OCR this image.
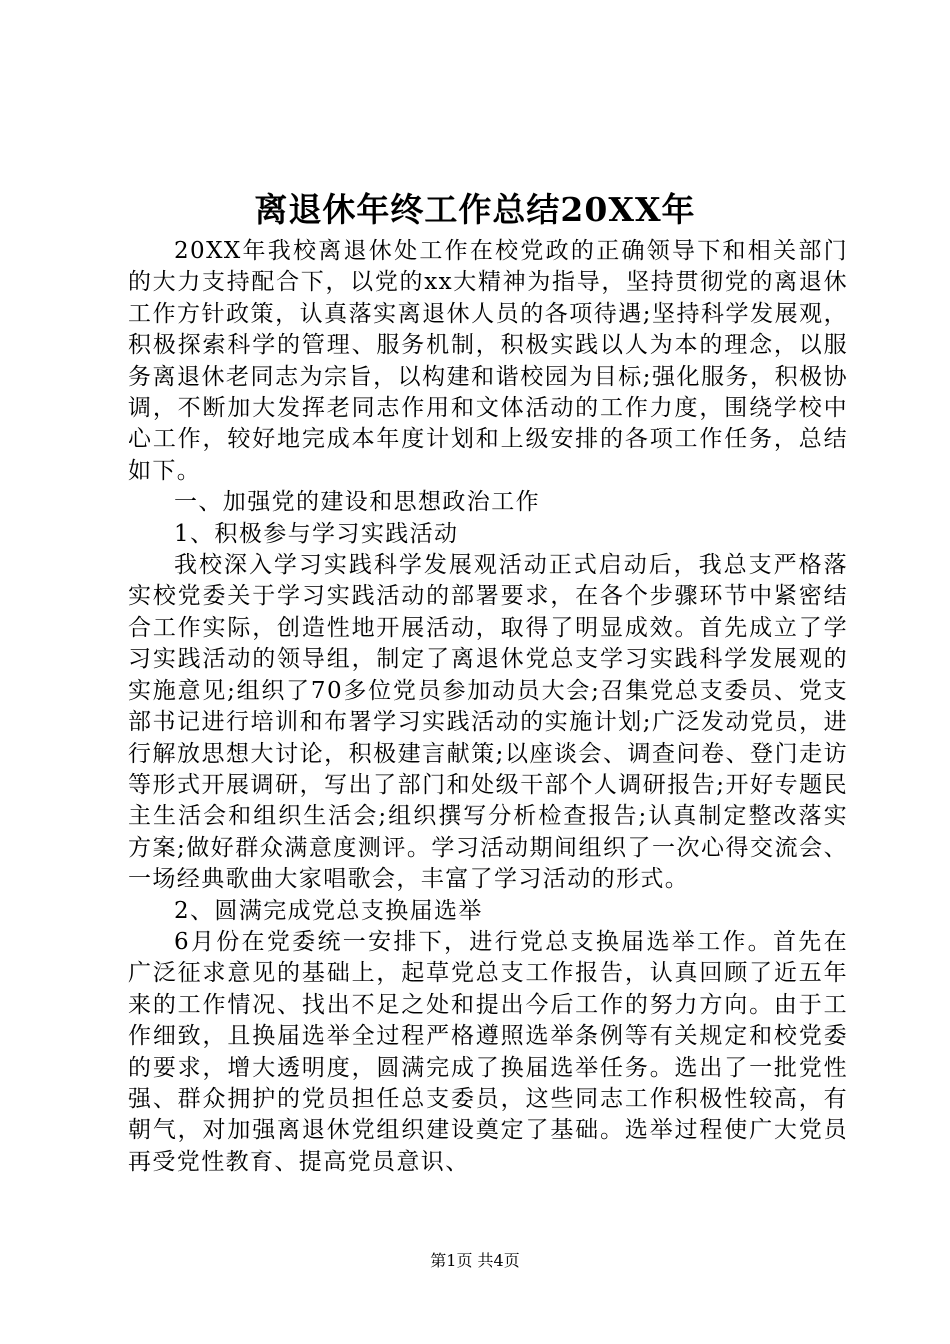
离退休年终工作总结20XX年

20XX年我校离退休处工作在校党政的正确领导下和相关部门的大力支持配合下，以党的xx大精神为指导，坚持贯彻党的离退休工作方针政策，认真落实离退休人员的各项待遇;坚持科学发展观，积极探索科学的管理、服务机制，积极实践以人为本的理念，以服务离退休老同志为宗旨，以构建和谐校园为目标;强化服务，积极协调，不断加大发挥老同志作用和文体活动的工作力度，围绕学校中心工作，较好地完成本年度计划和上级安排的各项工作任务，总结如下。

一、加强党的建设和思想政治工作

1、积极参与学习实践活动

我校深入学习实践科学发展观活动正式启动后，我总支严格落实校党委关于学习实践活动的部署要求，在各个步骤环节中紧密结合工作实际，创造性地开展活动，取得了明显成效。首先成立了学习实践活动的领导组，制定了离退休党总支学习实践科学发展观的实施意见;组织了70多位党员参加动员大会;召集党总支委员、党支部书记进行培训和布署学习实践活动的实施计划;广泛发动党员，进行解放思想大讨论，积极建言献策;以座谈会、调查问卷、登门走访等形式开展调研，写出了部门和处级干部个人调研报告;开好专题民主生活会和组织生活会;组织撰写分析检查报告;认真制定整改落实方案;做好群众满意度测评。学习活动期间组织了一次心得交流会、一场经典歌曲大家唱歌会，丰富了学习活动的形式。

2、圆满完成党总支换届选举

6月份在党委统一安排下，进行党总支换届选举工作。首先在广泛征求意见的基础上，起草党总支工作报告，认真回顾了近五年来的工作情况、找出不足之处和提出今后工作的努力方向。由于工作细致，且换届选举全过程严格遵照选举条例等有关规定和校党委的要求，增大透明度，圆满完成了换届选举任务。选出了一批党性强、群众拥护的党员担任总支委员，这些同志工作积极性较高，有朝气，对加强离退休党组织建设奠定了基础。选举过程使广大党员再受党性教育、提高党员意识、

第1页 共4页
